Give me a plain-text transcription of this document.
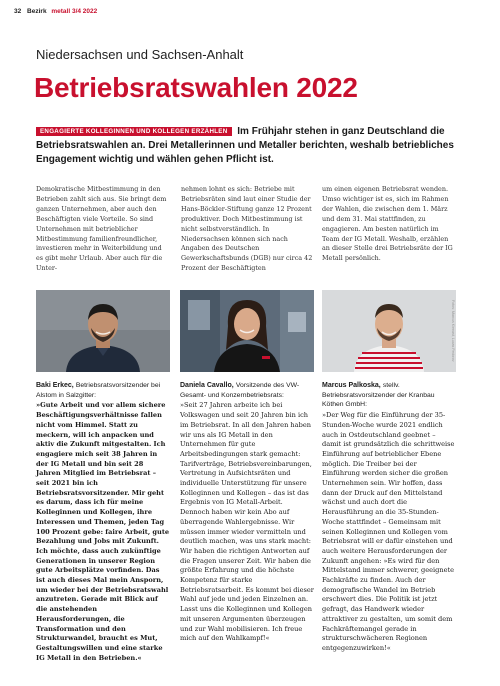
32 Bezirk metall 3/4 2022
Niedersachsen und Sachsen-Anhalt
Betriebsratswahlen 2022

ENGAGIERTE KOLLEGINNEN UND KOLLEGEN ERZÄHLEN Im Frühjahr stehen in ganz Deutschland die Betriebsratswahlen an. Drei Metallerinnen und Metaller berichten, weshalb betriebliches Engagement wichtig und wählen gehen Pflicht ist.

Demokratische Mitbestimmung in den Betrieben zahlt sich aus. Sie bringt dem ganzen Unternehmen, aber auch den Beschäftigten viele Vorteile. So sind Unternehmen mit betrieblicher Mitbestimmung familienfreundlicher, investieren mehr in Weiterbildung und es gibt mehr Urlaub. Aber auch für die Unter-

nehmen lohnt es sich: Betriebe mit Betriebsräten sind laut einer Studie der Hans-Böckler-Stiftung ganze 12 Prozent produktiver. Doch Mitbestimmung ist nicht selbstverständlich. In Niedersachsen können sich nach Angaben des Deutschen Gewerkschaftsbunds (DGB) nur circa 42 Prozent der Beschäftigten

um einen eigenen Betriebsrat wenden. Umso wichtiger ist es, sich im Rahmen der Wahlen, die zwischen dem 1. März und dem 31. Mai stattfinden, zu engagieren. Am besten natürlich im Team der IG Metall. Weshalb, erzählen an dieser Stelle drei Betriebsräte der IG Metall persönlich.

Fotos: Marcus Kienast, Lucas Fedorov
Baki Erkec, Betriebsratsvorsitzender bei Alstom in Salzgitter:

»Gute Arbeit und vor allem sichere Beschäftigungsverhältnisse fallen nicht vom Himmel. Statt zu meckern, will ich anpacken und aktiv die Zukunft mitgestalten. Ich engagiere mich seit 38 Jahren in der IG Metall und bin seit 28 Jahren Mitglied im Betriebsrat – seit 2021 bin ich Betriebsratsvorsitzender. Mir geht es darum, dass ich für meine Kolleginnen und Kollegen, ihre Interessen und Themen, jeden Tag 100 Prozent gebe: faire Arbeit, gute Bezahlung und Jobs mit Zukunft. Ich möchte, dass auch zukünftige Generationen in unserer Region gute Arbeitsplätze vorfinden. Das ist auch dieses Mal mein Ansporn, um wieder bei der Betriebsratswahl anzutreten. Gerade mit Blick auf die anstehenden Herausforderungen, die Transformation und den Strukturwandel, braucht es Mut, Gestaltungswillen und eine starke IG Metall in den Betrieben.«

Daniela Cavallo, Vorsitzende des VW-Gesamt- und Konzernbetriebsrats:

»Seit 27 Jahren arbeite ich bei Volkswagen und seit 20 Jahren bin ich im Betriebsrat. In all den Jahren haben wir uns als IG Metall in den Unternehmen für gute Arbeitsbedingungen stark gemacht: Tarifverträge, Betriebsvereinbarungen, Vertretung in Aufsichtsräten und individuelle Unterstützung für unsere Kolleginnen und Kollegen – das ist das Ergebnis von IG Metall-Arbeit. Dennoch haben wir kein Abo auf überragende Wahlergebnisse. Wir müssen immer wieder vermitteln und deutlich machen, was uns stark macht: Wir haben die richtigen Antworten auf die Fragen unserer Zeit. Wir haben die größte Erfahrung und die höchste Kompetenz für starke Betriebsratsarbeit. Es kommt bei dieser Wahl auf jede und jeden Einzelnen an. Lasst uns die Kolleginnen und Kollegen mit unseren Argumenten überzeugen und zur Wahl mobilisieren. Ich freue mich auf den Wahlkampf!«

Marcus Palkoska, stellv. Betriebsratsvorsitzender der Kranbau Köthen GmbH:

»Der Weg für die Einführung der 35-Stunden-Woche wurde 2021 endlich auch in Ostdeutschland geebnet – damit ist grundsätzlich die schrittweise Einführung auf betrieblicher Ebene möglich. Die Treiber bei der Einführung werden sicher die großen Unternehmen sein. Wir hoffen, dass dann der Druck auf den Mittelstand wächst und auch dort die Herausführung an die 35-Stunden-Woche stattfindet – Gemeinsam mit seinen Kolleginnen und Kollegen vom Betriebsrat will er dafür einstehen und auch weitere Herausforderungen der Zukunft angehen: »Es wird für den Mittelstand immer schwerer, geeignete Fachkräfte zu finden. Auch der demografische Wandel im Betrieb erschwert dies. Die Politik ist jetzt gefragt, das Handwerk wieder attraktiver zu gestalten, um somit dem Fachkräftemangel gerade in strukturschwächeren Regionen entgegenzuwirken!«
